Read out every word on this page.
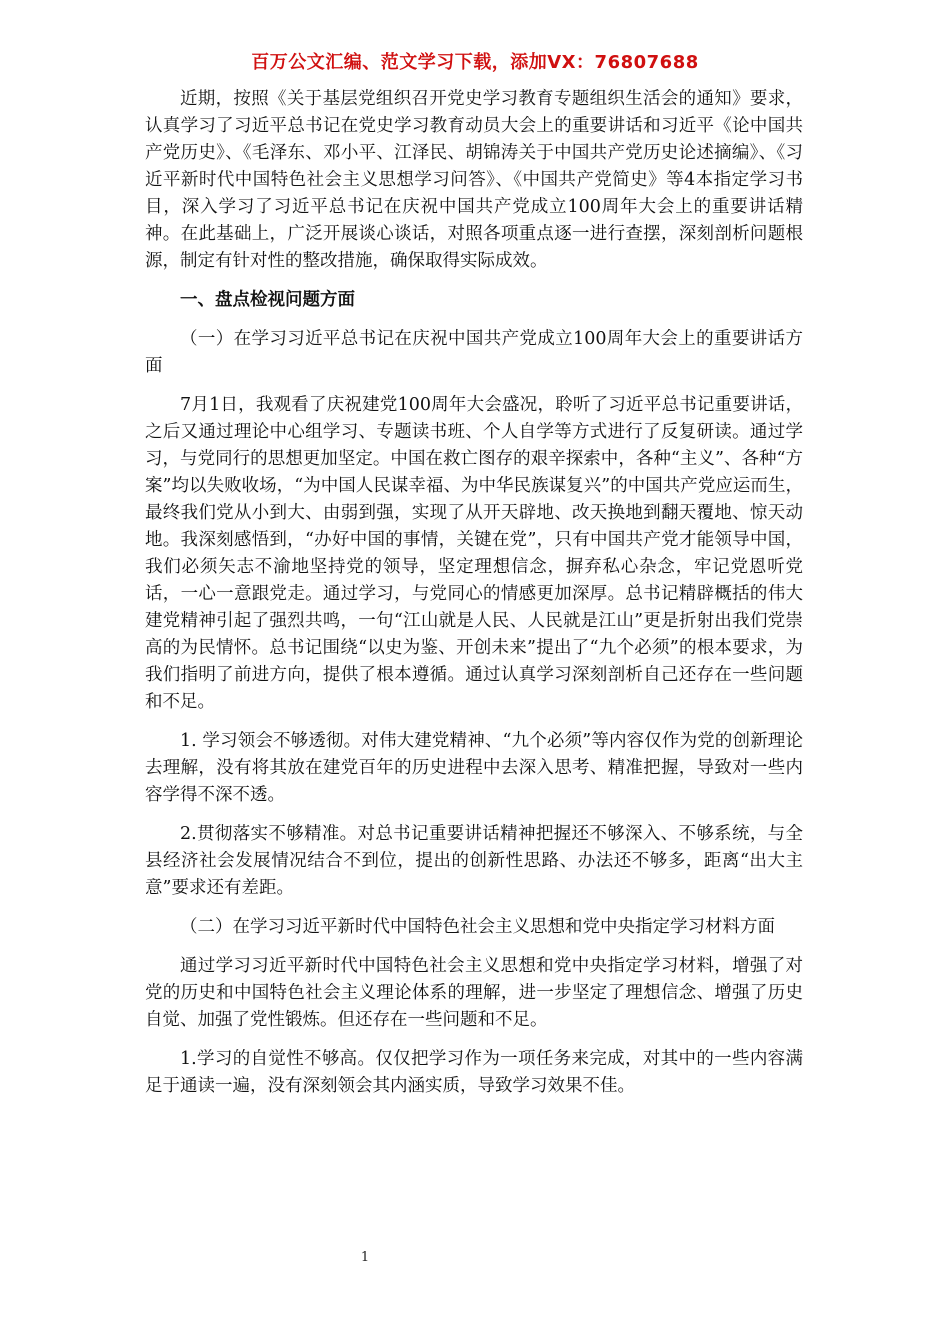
百万公文汇编、范文学习下载，添加VX：76807688

近期，按照《关于基层党组织召开党史学习教育专题组织生活会的通知》要求，认真学习了习近平总书记在党史学习教育动员大会上的重要讲话和习近平《论中国共产党历史》、《毛泽东、邓小平、江泽民、胡锦涛关于中国共产党历史论述摘编》、《习近平新时代中国特色社会主义思想学习问答》、《中国共产党简史》等4本指定学习书目，深入学习了习近平总书记在庆祝中国共产党成立100周年大会上的重要讲话精神。在此基础上，广泛开展谈心谈话，对照各项重点逐一进行查摆，深刻剖析问题根源，制定有针对性的整改措施，确保取得实际成效。

一、盘点检视问题方面

（一）在学习习近平总书记在庆祝中国共产党成立100周年大会上的重要讲话方面

7月1日，我观看了庆祝建党100周年大会盛况，聆听了习近平总书记重要讲话，之后又通过理论中心组学习、专题读书班、个人自学等方式进行了反复研读。通过学习，与党同行的思想更加坚定。中国在救亡图存的艰辛探索中，各种“主义”、各种“方案”均以失败收场，“为中国人民谋幸福、为中华民族谋复兴”的中国共产党应运而生，最终我们党从小到大、由弱到强，实现了从开天辟地、改天换地到翻天覆地、惊天动地。我深刻感悟到，“办好中国的事情，关键在党”，只有中国共产党才能领导中国，我们必须矢志不渝地坚持党的领导，坚定理想信念，摒弃私心杂念，牢记党恩听党话，一心一意跟党走。通过学习，与党同心的情感更加深厚。总书记精辟概括的伟大建党精神引起了强烈共鸣，一句“江山就是人民、人民就是江山”更是折射出我们党崇高的为民情怀。总书记围绕“以史为鉴、开创未来”提出了“九个必须”的根本要求，为我们指明了前进方向，提供了根本遵循。通过认真学习深刻剖析自己还存在一些问题和不足。

1. 学习领会不够透彻。对伟大建党精神、“九个必须”等内容仅作为党的创新理论去理解，没有将其放在建党百年的历史进程中去深入思考、精准把握，导致对一些内容学得不深不透。

2.贯彻落实不够精准。对总书记重要讲话精神把握还不够深入、不够系统，与全县经济社会发展情况结合不到位，提出的创新性思路、办法还不够多，距离“出大主意”要求还有差距。

（二）在学习习近平新时代中国特色社会主义思想和党中央指定学习材料方面

通过学习习近平新时代中国特色社会主义思想和党中央指定学习材料，增强了对党的历史和中国特色社会主义理论体系的理解，进一步坚定了理想信念、增强了历史自觉、加强了党性锻炼。但还存在一些问题和不足。

1.学习的自觉性不够高。仅仅把学习作为一项任务来完成，对其中的一些内容满足于通读一遍，没有深刻领会其内涵实质，导致学习效果不佳。

1
